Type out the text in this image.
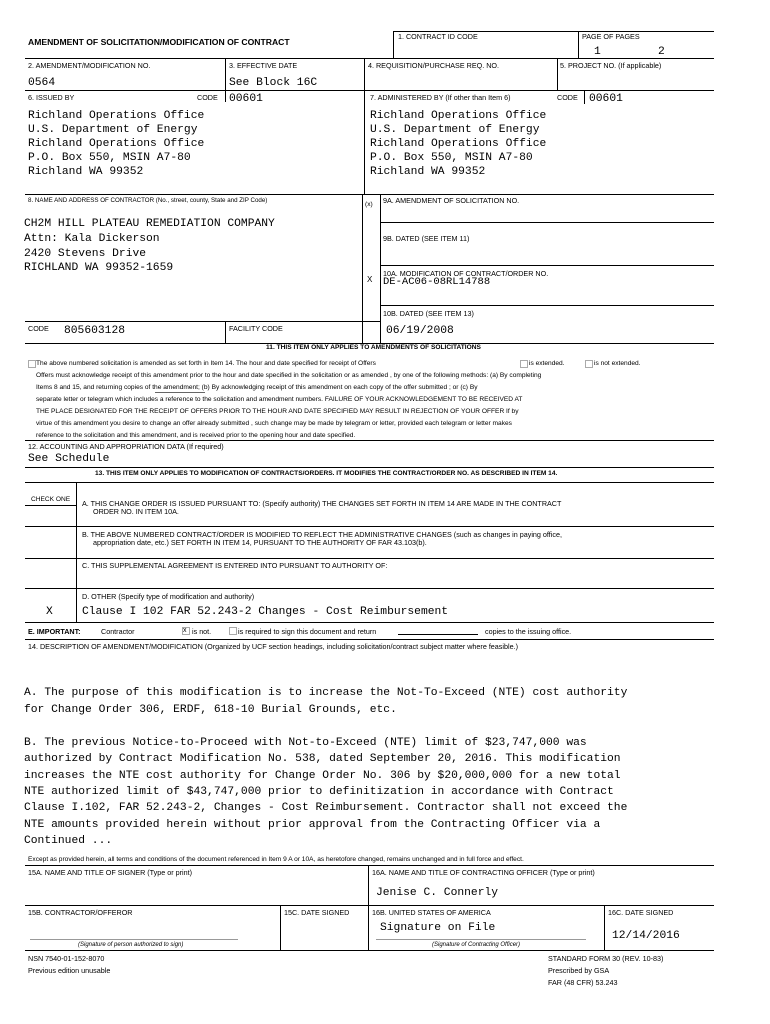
AMENDMENT OF SOLICITATION/MODIFICATION OF CONTRACT
1. CONTRACT ID CODE	PAGE OF PAGES
1	2
2. AMENDMENT/MODIFICATION NO.
0564
3. EFFECTIVE DATE
See Block 16C
4. REQUISITION/PURCHASE REQ. NO.	5. PROJECT NO. (If applicable)
6. ISSUED BY	CODE 00601
Richland Operations Office
U.S. Department of Energy
Richland Operations Office
P.O. Box 550, MSIN A7-80
Richland WA 99352
7. ADMINISTERED BY (If other than Item 6)	CODE 00601
Richland Operations Office
U.S. Department of Energy
Richland Operations Office
P.O. Box 550, MSIN A7-80
Richland WA 99352
8. NAME AND ADDRESS OF CONTRACTOR (No., street, county, State and ZIP Code)
CH2M HILL PLATEAU REMEDIATION COMPANY
Attn: Kala Dickerson
2420 Stevens Drive
RICHLAND WA 99352-1659
CODE 805603128	FACILITY CODE
(x) 9A. AMENDMENT OF SOLICITATION NO.
9B. DATED (SEE ITEM 11)
10A. MODIFICATION OF CONTRACT/ORDER NO.
X DE-AC06-08RL14788
10B. DATED (SEE ITEM 13)
06/19/2008
11. THIS ITEM ONLY APPLIES TO AMENDMENTS OF SOLICITATIONS
The above numbered solicitation is amended as set forth in Item 14. The hour and date specified for receipt of Offers	is extended.	is not extended.
Offers must acknowledge receipt of this amendment prior to the hour and date specified in the solicitation or as amended , by one of the following methods: (a) By completing
Items 8 and 15, and returning copies of the amendment; (b) By acknowledging receipt of this amendment on each copy of the offer submitted ; or (c) By
separate letter or telegram which includes a reference to the solicitation and amendment numbers. FAILURE OF YOUR ACKNOWLEDGEMENT TO BE RECEIVED AT
THE PLACE DESIGNATED FOR THE RECEIPT OF OFFERS PRIOR TO THE HOUR AND DATE SPECIFIED MAY RESULT IN REJECTION OF YOUR OFFER If by
virtue of this amendment you desire to change an offer already submitted , such change may be made by telegram or letter, provided each telegram or letter makes
reference to the solicitation and this amendment, and is received prior to the opening hour and date specified.
12. ACCOUNTING AND APPROPRIATION DATA (If required)
See Schedule
13. THIS ITEM ONLY APPLIES TO MODIFICATION OF CONTRACTS/ORDERS. IT MODIFIES THE CONTRACT/ORDER NO. AS DESCRIBED IN ITEM 14.
CHECK ONE A. THIS CHANGE ORDER IS ISSUED PURSUANT TO: (Specify authority) THE CHANGES SET FORTH IN ITEM 14 ARE MADE IN THE CONTRACT
ORDER NO. IN ITEM 10A.
B. THE ABOVE NUMBERED CONTRACT/ORDER IS MODIFIED TO REFLECT THE ADMINISTRATIVE CHANGES (such as changes in paying office,
appropriation date, etc.) SET FORTH IN ITEM 14, PURSUANT TO THE AUTHORITY OF FAR 43.103(b).
C. THIS SUPPLEMENTAL AGREEMENT IS ENTERED INTO PURSUANT TO AUTHORITY OF:
D. OTHER (Specify type of modification and authority)
X	Clause I 102 FAR 52.243-2 Changes - Cost Reimbursement
E. IMPORTANT:	Contractor	x is not.	is required to sign this document and return	copies to the issuing office.
14. DESCRIPTION OF AMENDMENT/MODIFICATION (Organized by UCF section headings, including solicitation/contract subject matter where feasible.)
A. The purpose of this modification is to increase the Not-To-Exceed (NTE) cost authority
for Change Order 306, ERDF, 618-10 Burial Grounds, etc.
B. The previous Notice-to-Proceed with Not-to-Exceed (NTE) limit of $23,747,000 was
authorized by Contract Modification No. 538, dated September 20, 2016. This modification
increases the NTE cost authority for Change Order No. 306 by $20,000,000 for a new total
NTE authorized limit of $43,747,000 prior to definitization in accordance with Contract
Clause I.102, FAR 52.243-2, Changes - Cost Reimbursement. Contractor shall not exceed the
NTE amounts provided herein without prior approval from the Contracting Officer via a
Continued ...
Except as provided herein, all terms and conditions of the document referenced in Item 9 A or 10A, as heretofore changed, remains unchanged and in full force and effect.
15A. NAME AND TITLE OF SIGNER (Type or print)	16A. NAME AND TITLE OF CONTRACTING OFFICER (Type or print)
Jenise C. Connerly
15B. CONTRACTOR/OFFEROR	15C. DATE SIGNED	16B. UNITED STATES OF AMERICA	16C. DATE SIGNED
Signature on File
12/14/2016
(Signature of person authorized to sign)	(Signature of Contracting Officer)
NSN 7540-01-152-8070
Previous edition unusable
STANDARD FORM 30 (REV. 10-83)
Prescribed by GSA
FAR (48 CFR) 53.243
